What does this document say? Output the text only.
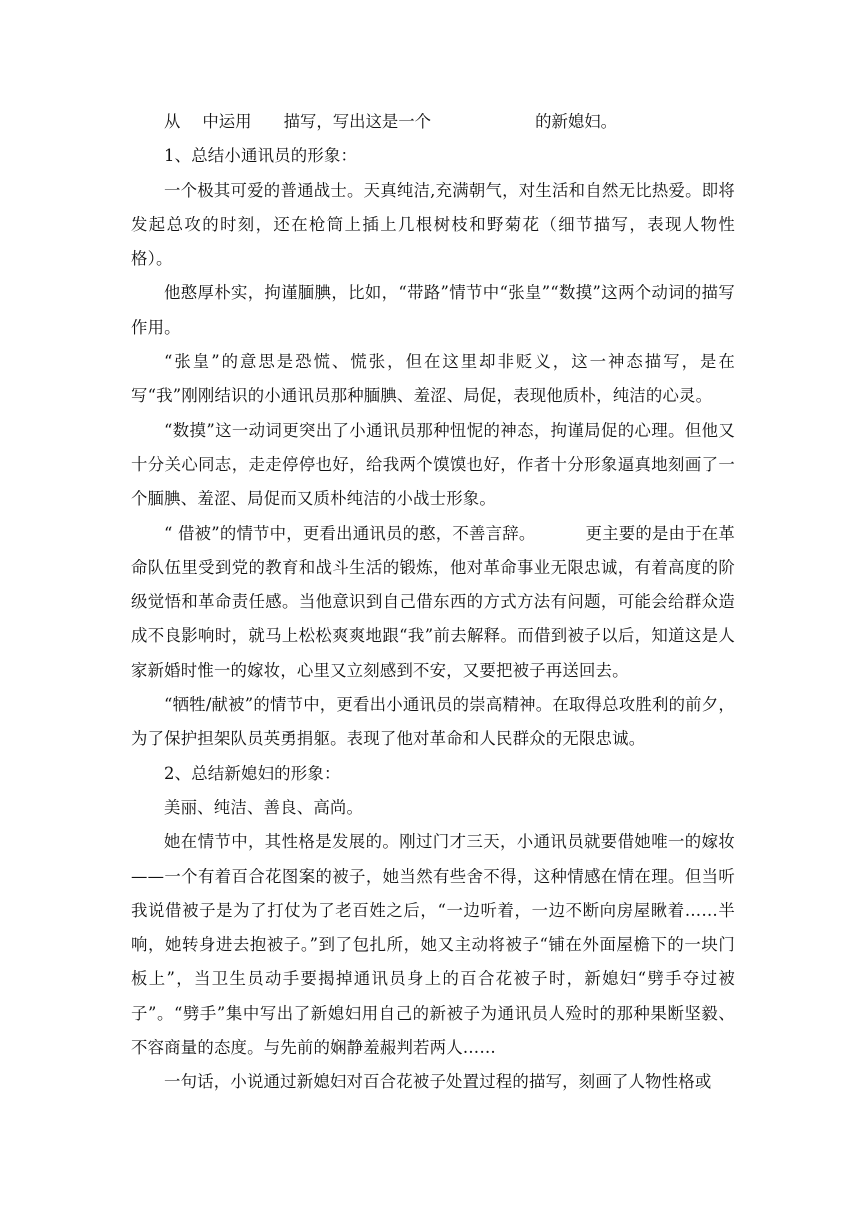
从 中运用 描写，写出这是一个	的新媳妇。

1、总结小通讯员的形象：

一个极其可爱的普通战士。天真纯洁,充满朝气，对生活和自然无比热爱。即将发起总攻的时刻，还在枪筒上插上几根树枝和野菊花（细节描写，表现人物性格）。

他憨厚朴实，拘谨腼腆，比如，“带路”情节中“张皇”“数摸”这两个动词的描写作用。

“张皇”的意思是恐慌、慌张，但在这里却非贬义，这一神态描写，是在写“我”刚刚结识的小通讯员那种腼腆、羞涩、局促，表现他质朴，纯洁的心灵。

“数摸”这一动词更突出了小通讯员那种忸怩的神态，拘谨局促的心理。但他又十分关心同志，走走停停也好，给我两个馍馍也好，作者十分形象逼真地刻画了一个腼腆、羞涩、局促而又质朴纯洁的小战士形象。

“ 借被”的情节中，更看出通讯员的憨，不善言辞。	更主要的是由于在革命队伍里受到党的教育和战斗生活的锻炼，他对革命事业无限忠诚，有着高度的阶级觉悟和革命责任感。当他意识到自己借东西的方式方法有问题，可能会给群众造成不良影响时，就马上松松爽爽地跟“我”前去解释。而借到被子以后，知道这是人家新婚时惟一的嫁妆，心里又立刻感到不安，又要把被子再送回去。

“牺牲/献被”的情节中，更看出小通讯员的崇高精神。在取得总攻胜利的前夕，为了保护担架队员英勇捐躯。表现了他对革命和人民群众的无限忠诚。

2、总结新媳妇的形象：

美丽、纯洁、善良、高尚。

她在情节中，其性格是发展的。刚过门才三天，小通讯员就要借她唯一的嫁妆——一个有着百合花图案的被子，她当然有些舍不得，这种情感在情在理。但当听我说借被子是为了打仗为了老百姓之后，“一边听着，一边不断向房屋瞅着……半响，她转身进去抱被子。”到了包扎所，她又主动将被子“铺在外面屋檐下的一块门板上”，当卫生员动手要揭掉通讯员身上的百合花被子时，新媳妇“劈手夺过被子”。“劈手”集中写出了新媳妇用自己的新被子为通讯员人殓时的那种果断坚毅、不容商量的态度。与先前的娴静羞赧判若两人……

一句话，小说通过新媳妇对百合花被子处置过程的描写，刻画了人物性格或
